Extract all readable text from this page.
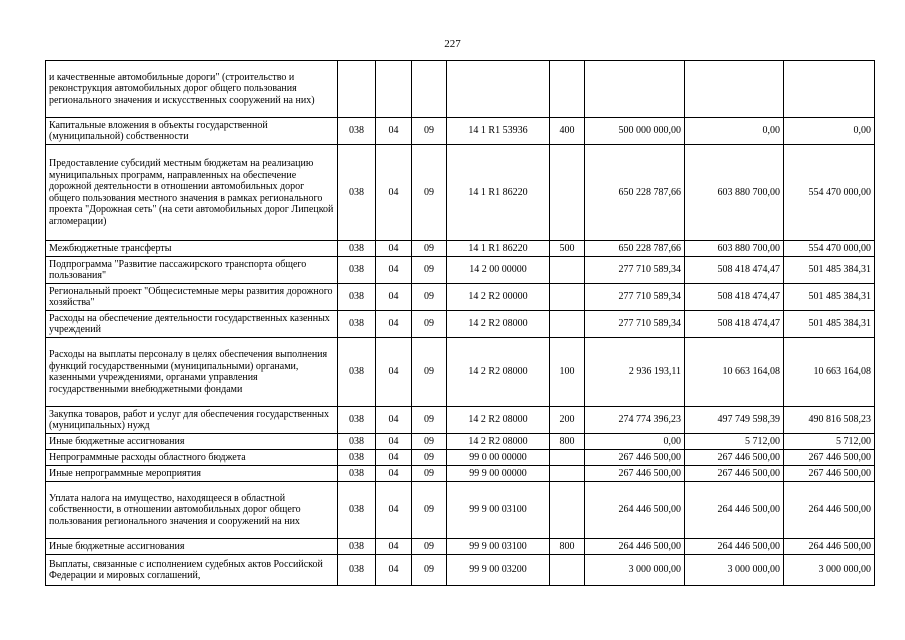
227
и качественные автомобильные дороги" (строительство и реконструкция автомобильных дорог общего пользования регионального значения и искусственных сооружений на них)								
Капитальные вложения в объекты государственной (муниципальной) собственности	038	04	09	14 1 R1 53936	400	500 000 000,00	0,00	0,00
Предоставление субсидий местным бюджетам на реализацию муниципальных программ, направленных на обеспечение дорожной деятельности в отношении автомобильных дорог общего пользования местного значения в рамках регионального проекта "Дорожная сеть" (на сети автомобильных дорог Липецкой агломерации)	038	04	09	14 1 R1 86220		650 228 787,66	603 880 700,00	554 470 000,00
Межбюджетные трансферты	038	04	09	14 1 R1 86220	500	650 228 787,66	603 880 700,00	554 470 000,00
Подпрограмма "Развитие пассажирского транспорта общего пользования"	038	04	09	14 2 00 00000		277 710 589,34	508 418 474,47	501 485 384,31
Региональный проект "Общесистемные меры развития дорожного хозяйства"	038	04	09	14 2 R2 00000		277 710 589,34	508 418 474,47	501 485 384,31
Расходы на обеспечение деятельности государственных казенных учреждений	038	04	09	14 2 R2 08000		277 710 589,34	508 418 474,47	501 485 384,31
Расходы на выплаты персоналу в целях обеспечения выполнения функций государственными (муниципальными) органами, казенными учреждениями, органами управления государственными внебюджетными фондами	038	04	09	14 2 R2 08000	100	2 936 193,11	10 663 164,08	10 663 164,08
Закупка товаров, работ и услуг для обеспечения государственных (муниципальных) нужд	038	04	09	14 2 R2 08000	200	274 774 396,23	497 749 598,39	490 816 508,23
Иные бюджетные ассигнования	038	04	09	14 2 R2 08000	800	0,00	5 712,00	5 712,00
Непрограммные расходы областного бюджета	038	04	09	99 0 00 00000		267 446 500,00	267 446 500,00	267 446 500,00
Иные непрограммные мероприятия	038	04	09	99 9 00 00000		267 446 500,00	267 446 500,00	267 446 500,00
Уплата налога на имущество, находящееся в областной собственности, в отношении автомобильных дорог общего пользования регионального значения и сооружений на них	038	04	09	99 9 00 03100		264 446 500,00	264 446 500,00	264 446 500,00
Иные бюджетные ассигнования	038	04	09	99 9 00 03100	800	264 446 500,00	264 446 500,00	264 446 500,00
Выплаты, связанные с исполнением судебных актов Российской Федерации и мировых соглашений,	038	04	09	99 9 00 03200		3 000 000,00	3 000 000,00	3 000 000,00
